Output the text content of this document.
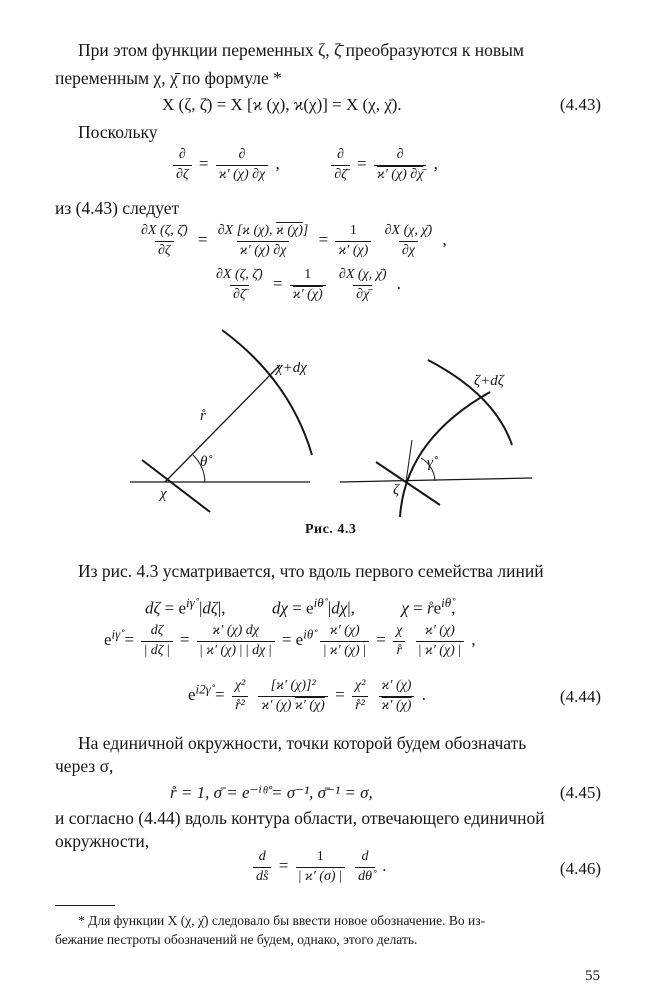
При этом функции переменных ζ, ζ̄ преобразуются к новым
переменным χ, χ̄ по формуле *
X (ζ, ζ̄) = X [ϰ (χ), ϰ(χ)] = X (χ, χ̄).	(4.43)
Поскольку
$\frac{\partial}{\partial\zeta} = \frac{\partial}{ϰ' (\chi) \partial\chi}$ ,	$\frac{\partial}{\partial\zetā} = \frac{\partial}{ϰ' (\chi) \partial\chī}$ ,
из (4.43) следует
$\frac{\partial X (\zeta, \zetā)}{\partial\zeta} = \frac{\partial X [ϰ (\chi), ϰ (\chi)]}{ϰ' (\chi) \partial\chi} = \frac{1}{ϰ' (\chi)}$
$\frac{\partial X (\chi, \chī)}{\partial\chi}$ ,
$\frac{\partial X (\zeta, \zetā)}{\partial\zetā} = \frac{1}{ϰ' (\chi)}$
$\frac{\partial X (\chi, \chī)}{\partial\chī}$ .
χ
χ+dχ
r̊
θ̊
ζ
ζ+dζ
γ̊
Рис. 4.3
Из рис. 4.3 усматривается, что вдоль первого семейства линий
$d\zeta = e^{i\gammå}$ |dζ|,  $d\chi = e^{i\thetå}$ |dχ|,  $\chi = r̊e^{i\thetå}$,
$e^{i\gammå} = \frac{d\zeta}{| d\zeta |} = \frac{ϰ' (\chi) d\chi}{| ϰ' (\chi) | | d\chi |} = e^{i\thetå} \frac{ϰ' (\chi)}{| ϰ' (\chi) |} = \frac{\chi}{r̊}$
$\frac{ϰ' (\chi)}{| ϰ' (\chi) |}$ ,
$e^{i2\gammå} = \frac{\text{χ²}}{\text{r̊²}}$
$\frac{\text{[ϰ′ (χ)]²}}{ϰ' (\chi) ϰ' (\chi)} = \frac{\text{χ²}}{\text{r̊²}}$
$\frac{ϰ' (\chi)}{ϰ' (\chi)}$ .	(4.44)
На единичной окружности, точки которой будем обозначать
через σ,
r̊ = 1, σ̄ = e⁻ⁱᶿ̊ = σ⁻¹, σ̄⁻¹ = σ,	(4.45)
и согласно (4.44) вдоль контура области, отвечающего единичной
окружности,
$\frac{d}{ds̊} = \frac{1}{| ϰ' (\sigma) |}$
$\frac{d}{d\thetå}$ .	(4.46)
* Для функции X (χ, χ̄) следовало бы ввести новое обозначение. Во из-
бежание пестроты обозначений не будем, однако, этого делать.
55
